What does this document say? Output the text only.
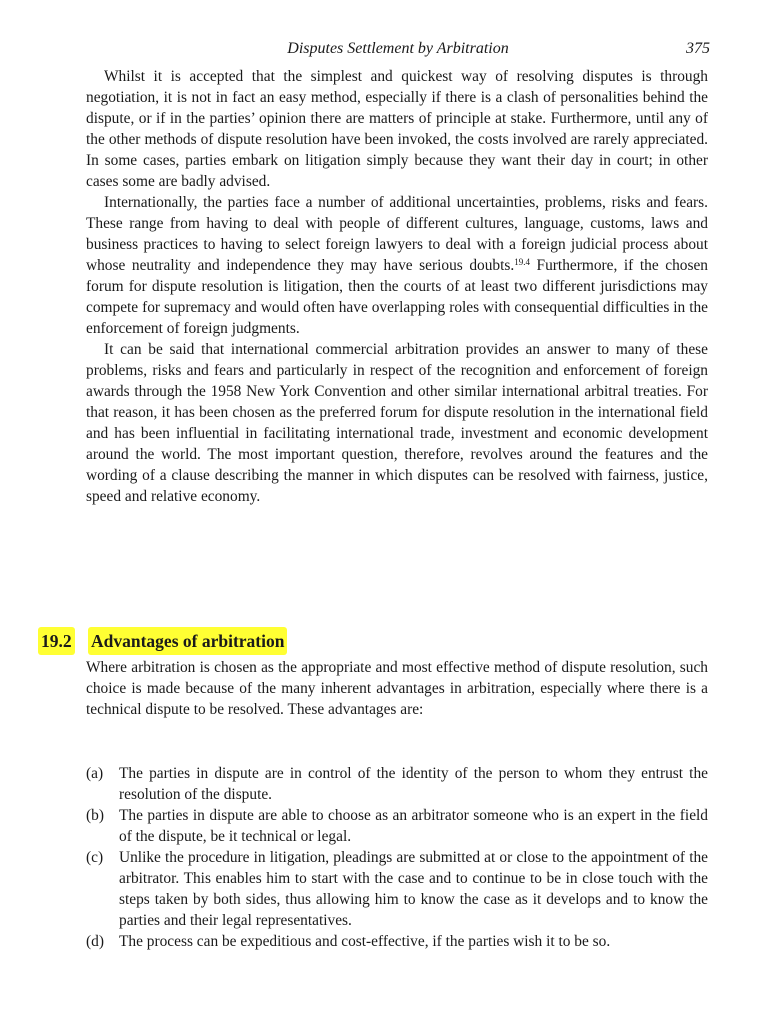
Disputes Settlement by Arbitration	375

Whilst it is accepted that the simplest and quickest way of resolving disputes is through negotiation, it is not in fact an easy method, especially if there is a clash of personalities behind the dispute, or if in the parties’ opinion there are matters of principle at stake. Furthermore, until any of the other methods of dispute resolution have been invoked, the costs involved are rarely appreciated. In some cases, parties embark on litigation simply because they want their day in court; in other cases some are badly advised.

Internationally, the parties face a number of additional uncertainties, problems, risks and fears. These range from having to deal with people of different cultures, language, customs, laws and business practices to having to select foreign lawyers to deal with a foreign judicial process about whose neutrality and independence they may have serious doubts.$^{19.4}$ Furthermore, if the chosen forum for dispute resolution is litigation, then the courts of at least two different jurisdictions may compete for supremacy and would often have overlapping roles with consequential difficulties in the enforcement of foreign judgments.

It can be said that international commercial arbitration provides an answer to many of these problems, risks and fears and particularly in respect of the recognition and enforcement of foreign awards through the 1958 New York Convention and other similar international arbitral treaties. For that reason, it has been chosen as the preferred forum for dispute resolution in the international field and has been influential in facilitating international trade, investment and economic development around the world. The most important question, therefore, revolves around the features and the wording of a clause describing the manner in which disputes can be resolved with fairness, justice, speed and relative economy.

19.2 Advantages of arbitration

Where arbitration is chosen as the appropriate and most effective method of dispute resolution, such choice is made because of the many inherent advantages in arbitration, especially where there is a technical dispute to be resolved. These advantages are:

(a) The parties in dispute are in control of the identity of the person to whom they entrust the resolution of the dispute.
(b) The parties in dispute are able to choose as an arbitrator someone who is an expert in the field of the dispute, be it technical or legal.
(c) Unlike the procedure in litigation, pleadings are submitted at or close to the appointment of the arbitrator. This enables him to start with the case and to continue to be in close touch with the steps taken by both sides, thus allowing him to know the case as it develops and to know the parties and their legal representatives.
(d) The process can be expeditious and cost-effective, if the parties wish it to be so.
